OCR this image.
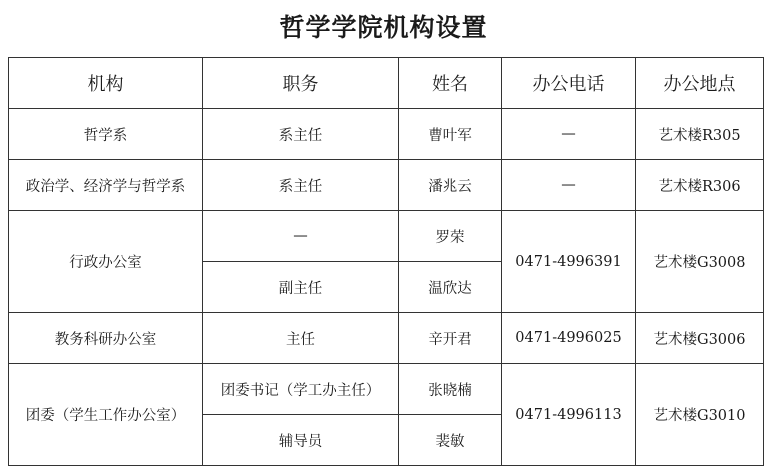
哲学学院机构设置
机构	职务	姓名	办公电话	办公地点
哲学系	系主任	曹叶军	—	艺术楼R305
政治学、经济学与哲学系	系主任	潘兆云	—	艺术楼R306
行政办公室	—	罗荣	0471-4996391	艺术楼G3008
	副主任	温欣达		
教务科研办公室	主任	辛开君	0471-4996025	艺术楼G3006
团委（学生工作办公室）	团委书记（学工办主任）	张晓楠	0471-4996113	艺术楼G3010
	辅导员	裴敏		
